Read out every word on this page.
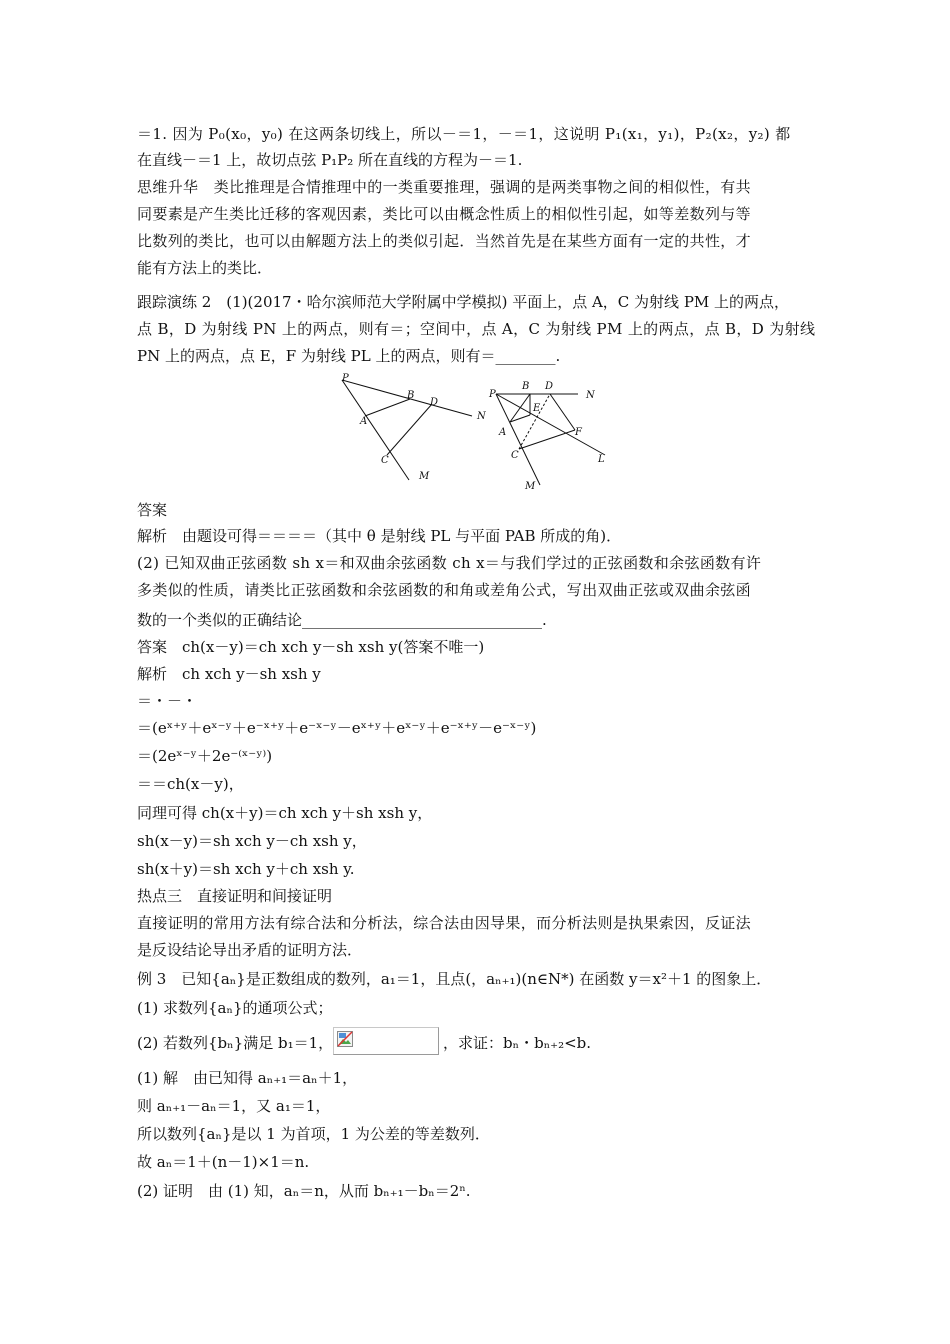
＝1. 因为 P₀(x₀，y₀) 在这两条切线上，所以－＝1，－＝1，这说明 P₁(x₁，y₁)，P₂(x₂，y₂) 都
在直线－＝1 上，故切点弦 P₁P₂ 所在直线的方程为－＝1.
思维升华　类比推理是合情推理中的一类重要推理，强调的是两类事物之间的相似性，有共
同要素是产生类比迁移的客观因素，类比可以由概念性质上的相似性引起，如等差数列与等
比数列的类比，也可以由解题方法上的类似引起．当然首先是在某些方面有一定的共性，才
能有方法上的类比．
跟踪演练 2　(1)(2017・哈尔滨师范大学附属中学模拟) 平面上，点 A，C 为射线 PM 上的两点，
点 B，D 为射线 PN 上的两点，则有＝；空间中，点 A，C 为射线 PM 上的两点，点 B，D 为射线
PN 上的两点，点 E，F 为射线 PL 上的两点，则有＝________.
P
A
B
D
N
C
M
P
B D
N
E
A	F
C	L
M
答案
解析　由题设可得＝＝＝＝（其中 θ 是射线 PL 与平面 PAB 所成的角)．
(2) 已知双曲正弦函数 sh x＝和双曲余弦函数 ch x＝与我们学过的正弦函数和余弦函数有许
多类似的性质，请类比正弦函数和余弦函数的和角或差角公式，写出双曲正弦或双曲余弦函
数的一个类似的正确结论________________________________.
答案　ch(x－y)＝ch xch y－sh xsh y(答案不唯一)
解析　ch xch y－sh xsh y
＝・－・
＝(eˣ⁺ʸ＋eˣ⁻ʸ＋e⁻ˣ⁺ʸ＋e⁻ˣ⁻ʸ－eˣ⁺ʸ＋eˣ⁻ʸ＋e⁻ˣ⁺ʸ－e⁻ˣ⁻ʸ)
＝(2eˣ⁻ʸ＋2e⁻⁽ˣ⁻ʸ⁾)
＝＝ch(x－y)，
同理可得 ch(x＋y)＝ch xch y＋sh xsh y，
sh(x－y)＝sh xch y－ch xsh y，
sh(x＋y)＝sh xch y＋ch xsh y.
热点三　直接证明和间接证明
直接证明的常用方法有综合法和分析法，综合法由因导果，而分析法则是执果索因，反证法
是反设结论导出矛盾的证明方法．
例 3　已知{aₙ}是正数组成的数列，a₁＝1，且点(，aₙ₊₁)(n∈N*) 在函数 y＝x²＋1 的图象上．
(1) 求数列{aₙ}的通项公式；
(2) 若数列{bₙ}满足 b₁＝1，	，求证：bₙ・bₙ₊₂<b.
(1) 解　由已知得 aₙ₊₁＝aₙ＋1，
则 aₙ₊₁－aₙ＝1，又 a₁＝1，
所以数列{aₙ}是以 1 为首项，1 为公差的等差数列．
故 aₙ＝1＋(n－1)×1＝n.
(2) 证明　由 (1) 知，aₙ＝n，从而 bₙ₊₁－bₙ＝2ⁿ.
